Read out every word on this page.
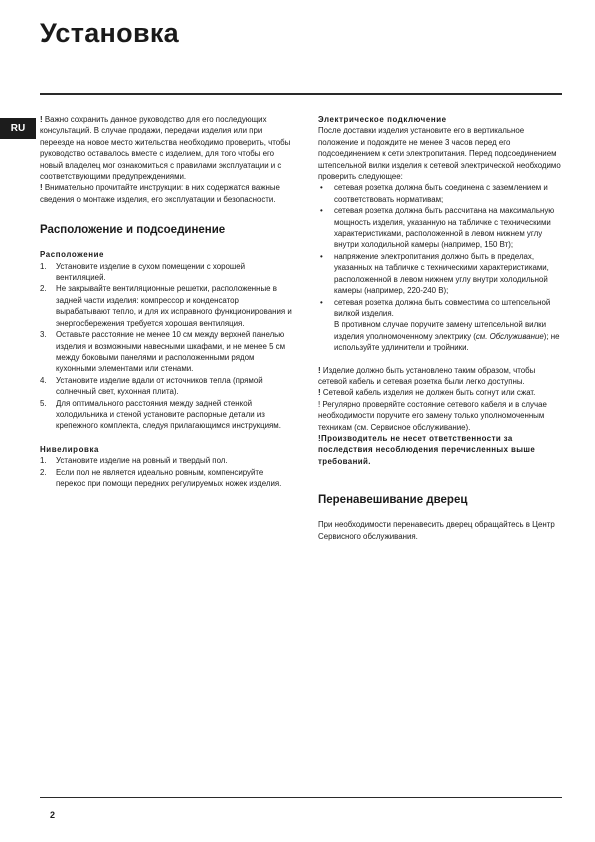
Установка
RU

! Важно сохранить данное руководство для его последующих консультаций. В случае продажи, передачи изделия или при переезде на новое место жительства необходимо проверить, чтобы руководство оставалось вместе с изделием, для того чтобы его новый владелец мог ознакомиться с правилами эксплуатации и с соответствующими предупреждениями.

! Внимательно прочитайте инструкции: в них содержатся важные сведения о монтаже изделия, его эксплуатации и безопасности.

Расположение и подсоединение

Расположение

1. Установите изделие в сухом помещении с хорошей вентиляцией.
2. Не закрывайте вентиляционные решетки, расположенные в задней части изделия: компрессор и конденсатор вырабатывают тепло, и для их исправного функционирования и энергосбережения требуется хорошая вентиляция.
3. Оставьте расстояние не менее 10 см между верхней панелью изделия и возможными навесными шкафами, и не менее 5 см между боковыми панелями и расположенными рядом кухонными элементами или стенами.
4. Установите изделие вдали от источников тепла (прямой солнечный свет, кухонная плита).
5. Для оптимального расстояния между задней стенкой холодильника и стеной установите распорные детали из крепежного комплекта, следуя прилагающимся инструкциям.

Нивелировка

1. Установите изделие на ровный и твердый пол.
2. Если пол не является идеально ровным, компенсируйте перекос при помощи передних регулируемых ножек изделия.

Электрическое подключение

После доставки изделия установите его в вертикальное положение и подождите не менее 3 часов перед его подсоединением к сети электропитания. Перед подсоединением штепсельной вилки изделия к сетевой электрической необходимо проверить следующее:

• сетевая розетка должна быть соединена с заземлением и соответствовать нормативам;
• сетевая розетка должна быть рассчитана на максимальную мощность изделия, указанную на табличке с техническими характеристиками, расположенной в левом нижнем углу внутри холодильной камеры (например, 150 Вт);
• напряжение электропитания должно быть в пределах, указанных на табличке с техническими характеристиками, расположенной в левом нижнем углу внутри холодильной камеры (например, 220-240 В);
• сетевая розетка должна быть совместима со штепсельной вилкой изделия.
В противном случае поручите замену штепсельной вилки изделия уполномоченному электрику (см. Обслуживание); не используйте удлинители и тройники.

! Изделие должно быть установлено таким образом, чтобы сетевой кабель и сетевая розетка были легко доступны.

! Сетевой кабель изделия не должен быть согнут или сжат.

! Регулярно проверяйте состояние сетевого кабеля и в случае необходимости поручите его замену только уполномоченным техникам (см. Сервисное обслуживание).

!Производитель не несет ответственности за последствия несоблюдения перечисленных выше требований.

Перенавешивание дверец

При необходимости перенавесить дверец обращайтесь в Центр Сервисного обслуживания.

2
